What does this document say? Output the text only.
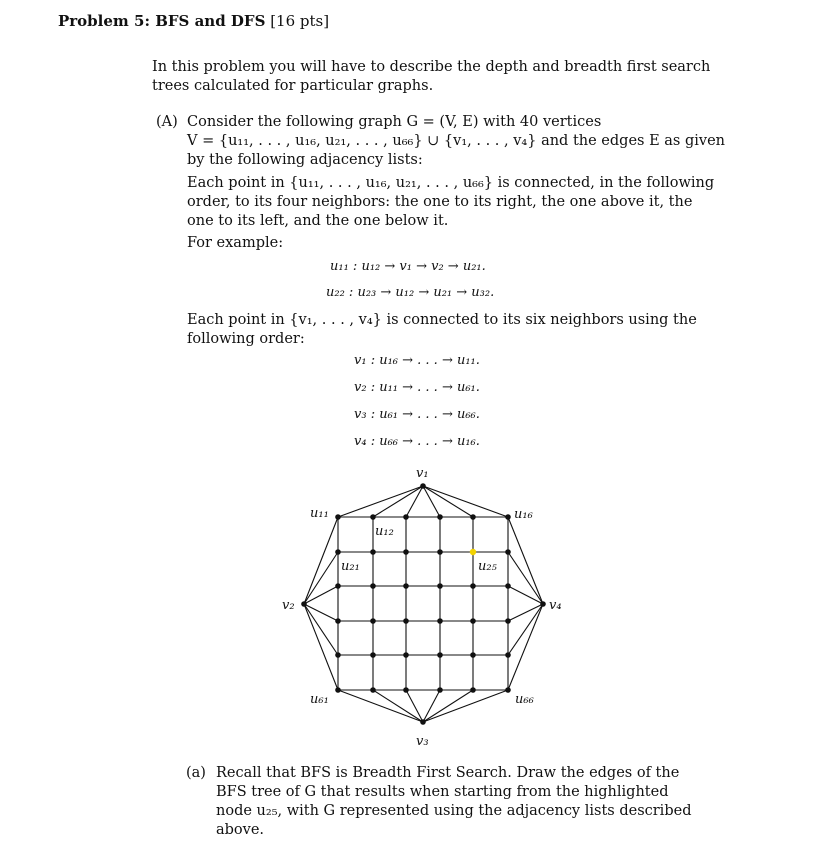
Problem 5: BFS and DFS [16 pts]
In this problem you will have to describe the depth and breadth first search
trees calculated for particular graphs.
(A) Consider the following graph G = (V, E) with 40 vertices
V = {u₁₁, . . . , u₁₆, u₂₁, . . . , u₆₆} ∪ {v₁, . . . , v₄} and the edges E as given
by the following adjacency lists:
Each point in {u₁₁, . . . , u₁₆, u₂₁, . . . , u₆₆} is connected, in the following
order, to its four neighbors: the one to its right, the one above it, the
one to its left, and the one below it.
For example:
u₁₁ : u₁₂ → v₁ → v₂ → u₂₁.
u₂₂ : u₂₃ → u₁₂ → u₂₁ → u₃₂.
Each point in {v₁, . . . , v₄} is connected to its six neighbors using the
following order:
v₁ : u₁₆ → . . . → u₁₁.
v₂ : u₁₁ → . . . → u₆₁.
v₃ : u₆₁ → . . . → u₆₆.
v₄ : u₆₆ → . . . → u₁₆.
v₁
v₂
v₃
v₄
u₁₁
u₁₂
u₁₆
u₂₁	u₂₅
u₆₁	u₆₆
(a) Recall that BFS is Breadth First Search. Draw the edges of the
BFS tree of G that results when starting from the highlighted
node u₂₅, with G represented using the adjacency lists described
above.
